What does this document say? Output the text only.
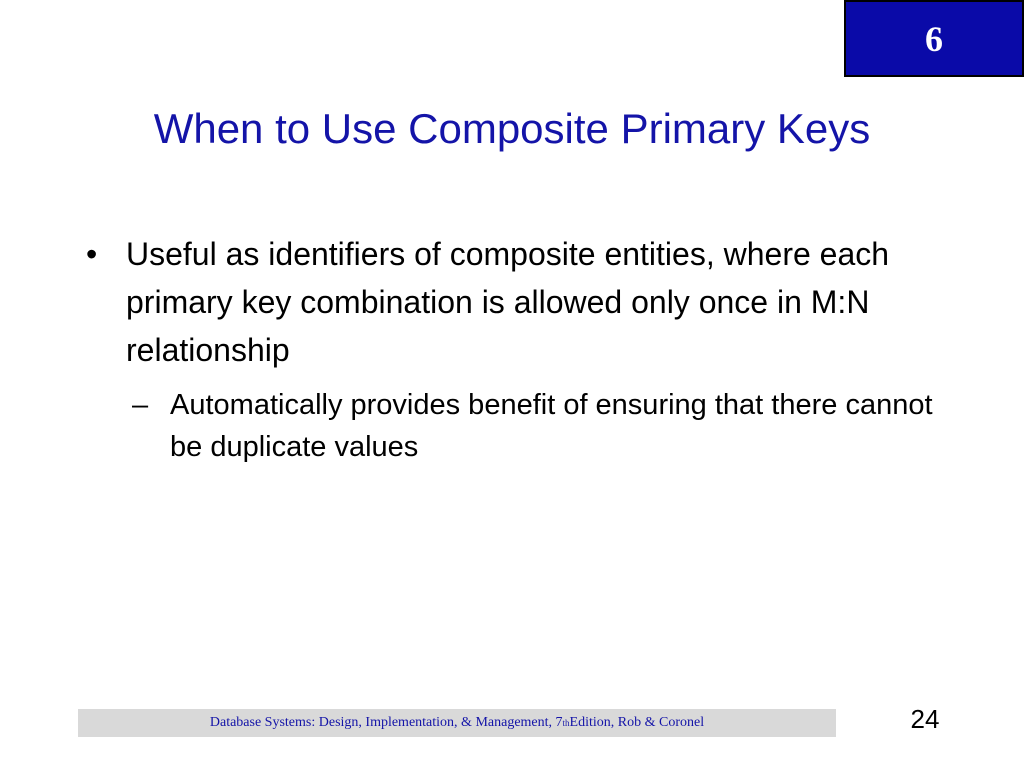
6
When to Use Composite Primary Keys
• Useful as identifiers of composite entities, where each primary key combination is allowed only once in M:N relationship
– Automatically provides benefit of ensuring that there cannot be duplicate values
Database Systems: Design, Implementation, & Management, 7 th Edition, Rob & Coronel	24
